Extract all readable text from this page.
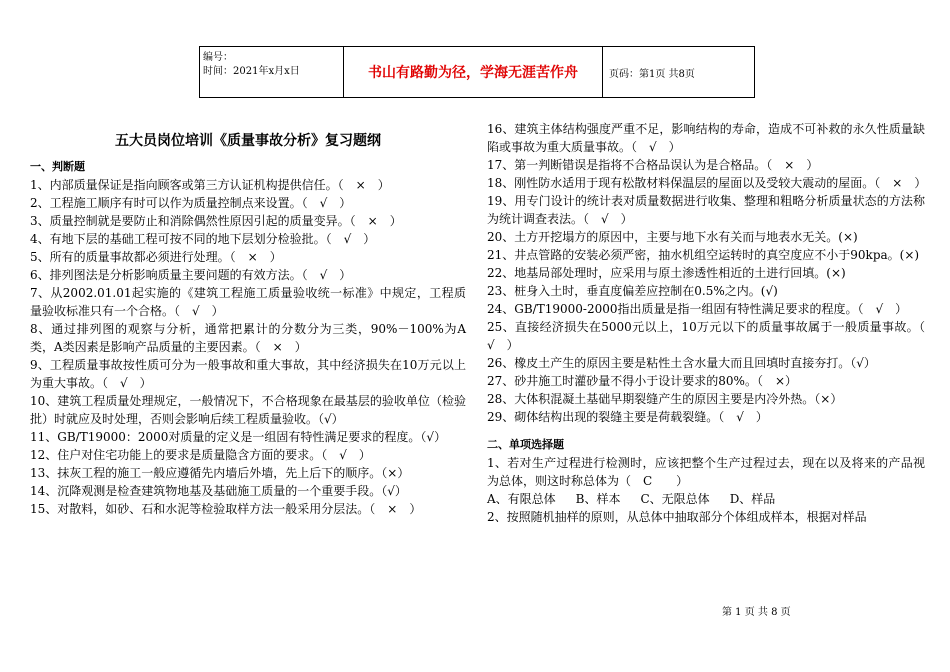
编号：
时间：2021年x月x日	书山有路勤为径，学海无涯苦作舟	页码：第1页 共8页
五大员岗位培训《质量事故分析》复习题纲
一、判断题

1、内部质量保证是指向顾客或第三方认证机构提供信任。（　×　）

2、工程施工顺序有时可以作为质量控制点来设置。（　√　）

3、质量控制就是要防止和消除偶然性原因引起的质量变异。（　×　）

4、有地下层的基础工程可按不同的地下层划分检验批。（　√　）

5、所有的质量事故都必须进行处理。（　×　）

6、排列图法是分析影响质量主要问题的有效方法。（　√　）

7、从2002.01.01起实施的《建筑工程施工质量验收统一标准》中规定，工程质量验收标准只有一个合格。（　√　）

8、通过排列图的观察与分析，通常把累计的分数分为三类，90%－100%为A类，A类因素是影响产品质量的主要因素。（　×　）

9、工程质量事故按性质可分为一般事故和重大事故，其中经济损失在10万元以上为重大事故。（　√　）

10、建筑工程质量处理规定，一般情况下，不合格现象在最基层的验收单位（检验批）时就应及时处理，否则会影响后续工程质量验收。（√）

11、GB/T19000：2000对质量的定义是一组固有特性满足要求的程度。（√）

12、住户对住宅功能上的要求是质量隐含方面的要求。（　√　）

13、抹灰工程的施工一般应遵循先内墙后外墙，先上后下的顺序。（×）

14、沉降观测是检查建筑物地基及基础施工质量的一个重要手段。（√）

15、对散料，如砂、石和水泥等检验取样方法一般采用分层法。（　×　）

16、建筑主体结构强度严重不足，影响结构的寿命，造成不可补救的永久性质量缺陷或事故为重大质量事故。（　√　）

17、第一判断错误是指将不合格品误认为是合格品。（　×　）

18、刚性防水适用于现有松散材料保温层的屋面以及受较大震动的屋面。（　×　）

19、用专门设计的统计表对质量数据进行收集、整理和粗略分析质量状态的方法称为统计调查表法。（　√　）

20、土方开挖塌方的原因中，主要与地下水有关而与地表水无关。(×)

21、井点管路的安装必须严密，抽水机组空运转时的真空度应不小于90kpa。(×)

22、地基局部处理时，应采用与原土渗透性相近的土进行回填。(×)

23、桩身入土时，垂直度偏差应控制在0.5%之内。(√)

24、GB/T19000-2000指出质量是指一组固有特性满足要求的程度。（　√　）

25、直接经济损失在5000元以上，10万元以下的质量事故属于一般质量事故。（　√　）

26、橡皮土产生的原因主要是粘性土含水量大而且回填时直接夯打。（√）

27、砂井施工时灌砂量不得小于设计要求的80%。（　×）

28、大体积混凝土基础早期裂缝产生的原因主要是内冷外热。（×）

29、砌体结构出现的裂缝主要是荷载裂缝。（　√　）

二、单项选择题

1、若对生产过程进行检测时，应该把整个生产过程过去，现在以及将来的产品视为总体，则这时称总体为（　C　　）

A、有限总体 B、样本 C、无限总体 D、样品

2、按照随机抽样的原则，从总体中抽取部分个体组成样本，根据对样品

第 1 页 共 8 页
